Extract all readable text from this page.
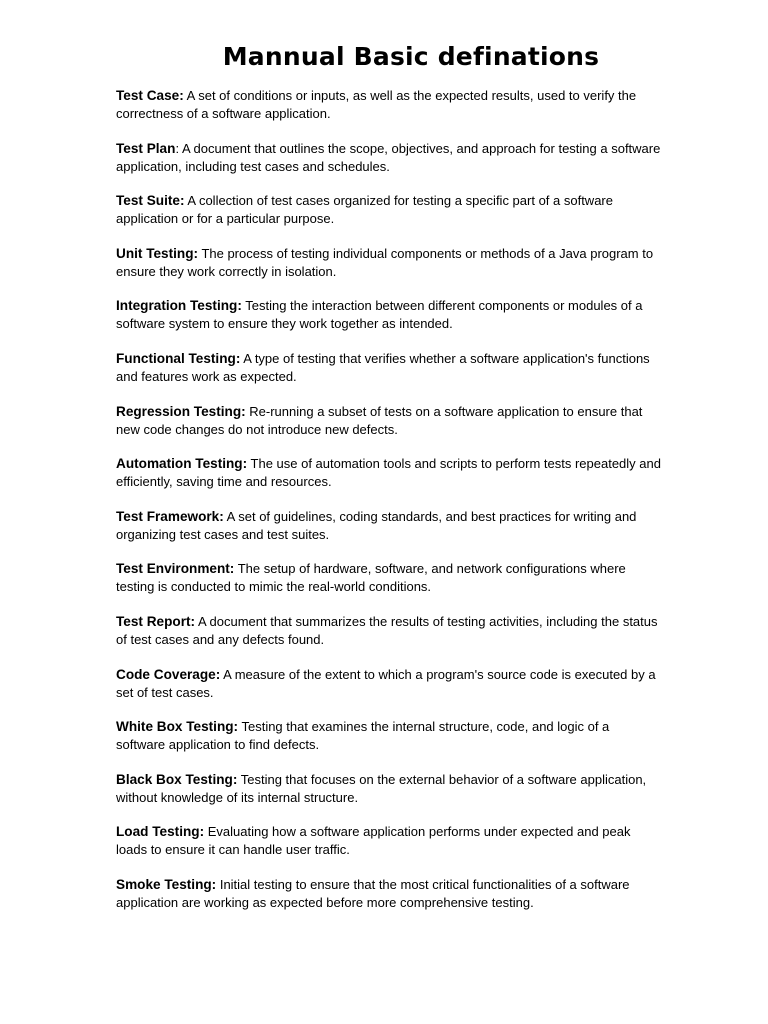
Mannual Basic definations
Test Case: A set of conditions or inputs, as well as the expected results, used to verify the correctness of a software application.
Test Plan: A document that outlines the scope, objectives, and approach for testing a software application, including test cases and schedules.
Test Suite: A collection of test cases organized for testing a specific part of a software application or for a particular purpose.
Unit Testing: The process of testing individual components or methods of a Java program to ensure they work correctly in isolation.
Integration Testing: Testing the interaction between different components or modules of a software system to ensure they work together as intended.
Functional Testing: A type of testing that verifies whether a software application's functions and features work as expected.
Regression Testing: Re-running a subset of tests on a software application to ensure that new code changes do not introduce new defects.
Automation Testing: The use of automation tools and scripts to perform tests repeatedly and efficiently, saving time and resources.
Test Framework: A set of guidelines, coding standards, and best practices for writing and organizing test cases and test suites.
Test Environment: The setup of hardware, software, and network configurations where testing is conducted to mimic the real-world conditions.
Test Report: A document that summarizes the results of testing activities, including the status of test cases and any defects found.
Code Coverage: A measure of the extent to which a program's source code is executed by a set of test cases.
White Box Testing: Testing that examines the internal structure, code, and logic of a software application to find defects.
Black Box Testing: Testing that focuses on the external behavior of a software application, without knowledge of its internal structure.
Load Testing: Evaluating how a software application performs under expected and peak loads to ensure it can handle user traffic.
Smoke Testing: Initial testing to ensure that the most critical functionalities of a software application are working as expected before more comprehensive testing.
